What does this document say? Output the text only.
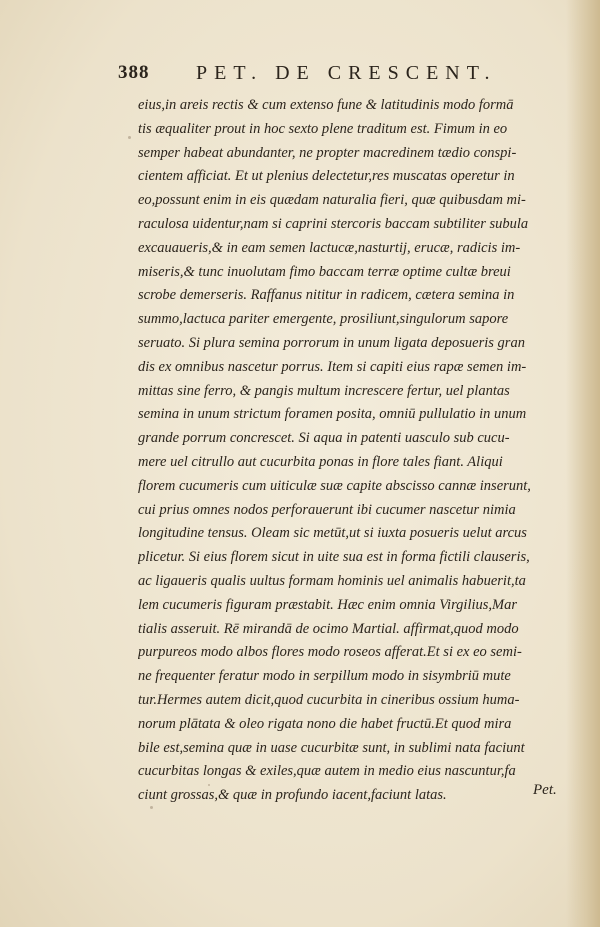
388 PET. DE CRESCENT.
eius,in areis rectis & cum extenso fune & latitudinis modo formā
tis æqualiter prout in hoc sexto plene traditum est. Fimum in eo
semper habeat abundanter, ne propter macredinem tædio conspi-
cientem afficiat. Et ut plenius delectetur,res muscatas operetur in
eo,possunt enim in eis quædam naturalia fieri, quæ quibusdam mi-
raculosa uidentur,nam si caprini stercoris baccam subtiliter subula
excauaueris,& in eam semen lactucæ,nasturtij, erucæ, radicis im-
miseris,& tunc inuolutam fimo baccam terræ optime cultæ breui
scrobe demerseris. Raffanus nititur in radicem, cætera semina in
summo,lactuca pariter emergente, prosiliunt,singulorum sapore
seruato. Si plura semina porrorum in unum ligata deposueris gran
dis ex omnibus nascetur porrus. Item si capiti eius rapæ semen im-
mittas sine ferro, & pangis multum increscere fertur, uel plantas
semina in unum strictum foramen posita, omniū pullulatio in unum
grande porrum concrescet. Si aqua in patenti uasculo sub cucu-
mere uel citrullo aut cucurbita ponas in flore tales fiant. Aliqui
florem cucumeris cum uiticulæ suæ capite abscisso cannæ inserunt,
cui prius omnes nodos perforauerunt ibi cucumer nascetur nimia
longitudine tensus. Oleam sic metūt,ut si iuxta posueris uelut arcus
plicetur. Si eius florem sicut in uite sua est in forma fictili clauseris,
ac ligaueris qualis uultus formam hominis uel animalis habuerit,ta
lem cucumeris figuram præstabit. Hæc enim omnia Virgilius,Mar
tialis asseruit. Rē mirandā de ocimo Martial. affirmat,quod modo
purpureos modo albos flores modo roseos afferat.Et si ex eo semi-
ne frequenter feratur modo in serpillum modo in sisymbriū mute
tur.Hermes autem dicit,quod cucurbita in cineribus ossium huma-
norum plātata & oleo rigata nono die habet fructū.Et quod mira
bile est,semina quæ in uase cucurbitæ sunt, in sublimi nata faciunt
cucurbitas longas & exiles,quæ autem in medio eius nascuntur,fa
ciunt grossas,& quæ in profundo iacent,faciunt latas.	Pet.
